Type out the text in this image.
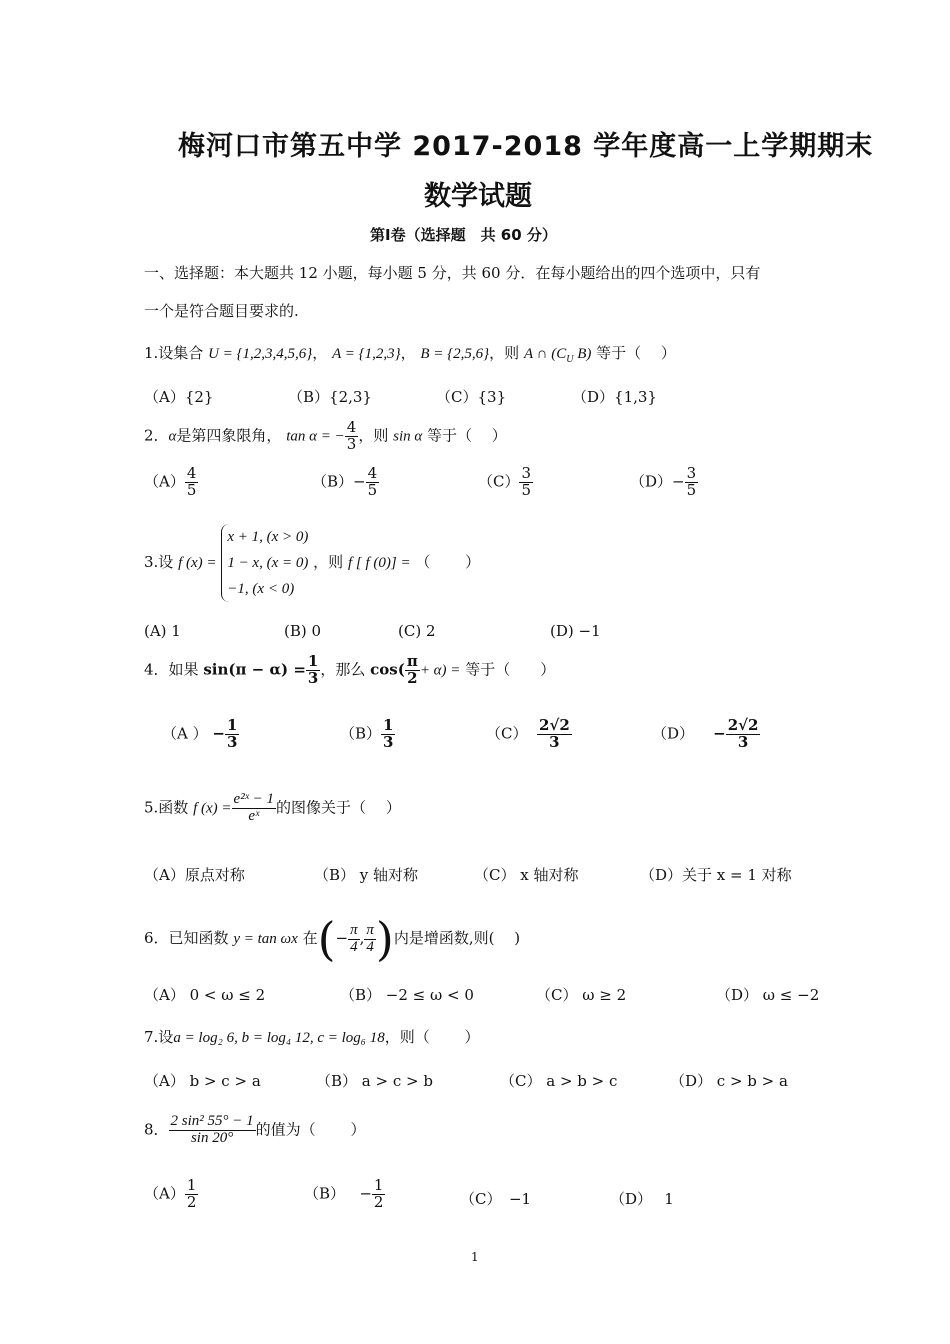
梅河口市第五中学 2017-2018 学年度高一上学期期末
数学试题
第Ⅰ卷（选择题　共 60 分）
一、选择题：本大题共 12 小题，每小题 5 分，共 60 分．在每小题给出的四个选项中，只有
一个是符合题目要求的.
1.设集合 U = {1,2,3,4,5,6}， A = {1,2,3}， B = {2,5,6}，则 A ∩ ($C_U$ B) 等于（　 ）
（A）{2}	（B）{2,3}	（C）{3}	（D）{1,3}
2．α是第四象限角， tan α = − $\frac{4}{3}$ ，则 sin α 等于（　 ）
$(A) \frac{4}{5}$	$(B)- \frac{4}{5}$	$(C) \frac{3}{5}$	$(D)- \frac{3}{5}$
3.设 f (x) =
x + 1, (x > 0)
1 − x, (x = 0)
−1, (x < 0)
，则 f [ f (0)] = （　　 ）
(A) 1	(B) 0	(C) 2	(D) −1
4．如果 $\sin(\pi - \alpha) = \frac{1}{3}$ ，那么 $\cos( \frac{\pi}{2} + \alpha)$ = 等于（　　）
（A ） − $\frac{1}{3}$	$(B) \frac{1}{3}$	$(C) \frac{2√2}{3}$	$(D) - \frac{2√2}{3}$
5.函数 f $(x) = \frac{\text{e²ˣ − 1}}{\text{eˣ}}$ 的图像关于（　 ）
（A）原点对称	（B） y 轴对称	（C） x 轴对称	（D）关于 x = 1 对称
6．已知函数 y = tan ωx 在(− $\frac{\pi}{4}$ , $\frac{\pi}{4}$ )内是增函数,则(　 )
（A） 0 < ω ≤ 2	（B） −2 ≤ ω < 0	（C） ω ≥ 2	（D） ω ≤ −2
7.设a = log₂ 6, b = log₄ 12, c = log₆ 18，则（　　 ）
（A） b > c > a	（B） a > c > b	（C） a > b > c	（D） c > b > a
8． $\frac{\text{2 sin² 55° − 1}}{\sin 20^\circ}$ 的值为（　　 ）
$(A) \frac{1}{2}$	$(B) - \frac{1}{2}$	（C）　−1	（D）　 1
1
